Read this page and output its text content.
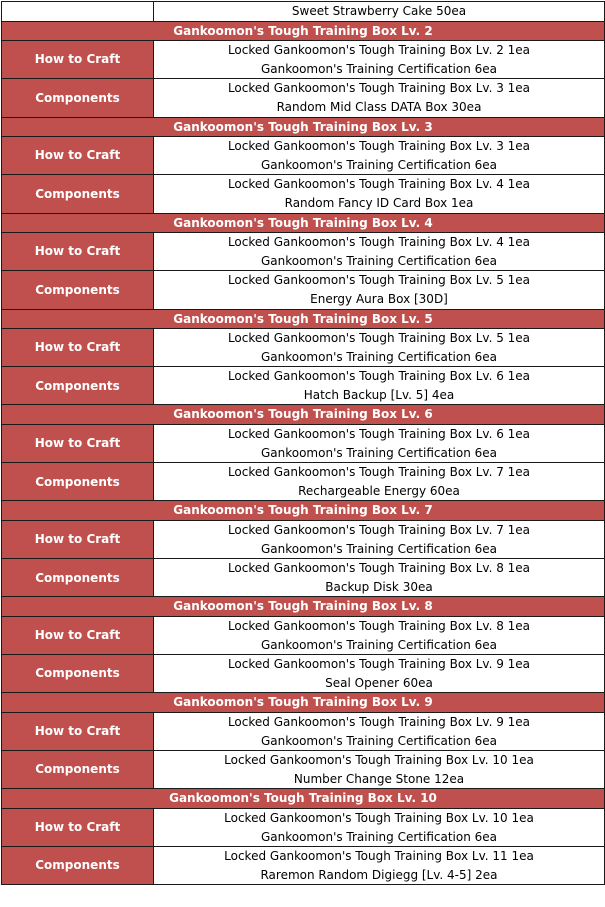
	Sweet Strawberry Cake 50ea
Gankoomon's Tough Training Box Lv. 2	
How to Craft	Locked Gankoomon's Tough Training Box Lv. 2 1ea
Gankoomon's Training Certification 6ea

Components	Locked Gankoomon's Tough Training Box Lv. 3 1ea
Random Mid Class DATA Box 30ea

Gankoomon's Tough Training Box Lv. 3	
How to Craft	Locked Gankoomon's Tough Training Box Lv. 3 1ea
Gankoomon's Training Certification 6ea

Components	Locked Gankoomon's Tough Training Box Lv. 4 1ea
Random Fancy ID Card Box 1ea

Gankoomon's Tough Training Box Lv. 4	
How to Craft	Locked Gankoomon's Tough Training Box Lv. 4 1ea
Gankoomon's Training Certification 6ea

Components	Locked Gankoomon's Tough Training Box Lv. 5 1ea
Energy Aura Box [30D]

Gankoomon's Tough Training Box Lv. 5	
How to Craft	Locked Gankoomon's Tough Training Box Lv. 5 1ea
Gankoomon's Training Certification 6ea

Components	Locked Gankoomon's Tough Training Box Lv. 6 1ea
Hatch Backup [Lv. 5] 4ea

Gankoomon's Tough Training Box Lv. 6	
How to Craft	Locked Gankoomon's Tough Training Box Lv. 6 1ea
Gankoomon's Training Certification 6ea

Components	Locked Gankoomon's Tough Training Box Lv. 7 1ea
Rechargeable Energy 60ea

Gankoomon's Tough Training Box Lv. 7	
How to Craft	Locked Gankoomon's Tough Training Box Lv. 7 1ea
Gankoomon's Training Certification 6ea

Components	Locked Gankoomon's Tough Training Box Lv. 8 1ea
Backup Disk 30ea

Gankoomon's Tough Training Box Lv. 8	
How to Craft	Locked Gankoomon's Tough Training Box Lv. 8 1ea
Gankoomon's Training Certification 6ea

Components	Locked Gankoomon's Tough Training Box Lv. 9 1ea
Seal Opener 60ea

Gankoomon's Tough Training Box Lv. 9	
How to Craft	Locked Gankoomon's Tough Training Box Lv. 9 1ea
Gankoomon's Training Certification 6ea

Components	Locked Gankoomon's Tough Training Box Lv. 10 1ea
Number Change Stone 12ea

Gankoomon's Tough Training Box Lv. 10	
How to Craft	Locked Gankoomon's Tough Training Box Lv. 10 1ea
Gankoomon's Training Certification 6ea

Components	Locked Gankoomon's Tough Training Box Lv. 11 1ea
Raremon Random Digiegg [Lv. 4-5] 2ea
